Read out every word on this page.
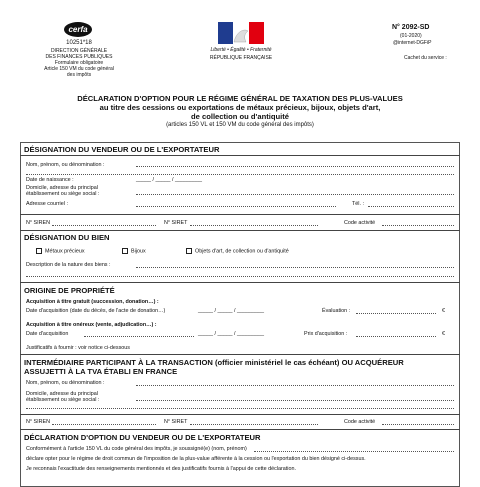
cerfa
10251*18
DIRECTION GÉNÉRALE
DES FINANCES PUBLIQUES
Formulaire obligatoire
Article 150 VM du code général des impôts
Liberté • Égalité • Fraternité
RÉPUBLIQUE FRANÇAISE
N° 2092-SD
(01-2020)
@internet-DGFiP
Cachet du service :
DÉCLARATION D'OPTION POUR LE RÉGIME GÉNÉRAL DE TAXATION DES PLUS-VALUES
au titre des cessions ou exportations de métaux précieux, bijoux, objets d'art,
de collection ou d'antiquité
(articles 150 VL et 150 VM du code général des impôts)
DÉSIGNATION DU VENDEUR OU DE L'EXPORTATEUR
Nom, prénom, ou dénomination :
Date de naissance :	_____ / _____ / _________
Domicile, adresse du principal
établissement ou siège social :
Adresse courriel :	Tél. :
N° SIREN	N° SIRET	Code activité
DÉSIGNATION DU BIEN
Métaux précieux	Bijoux	Objets d'art, de collection ou d'antiquité
Description de la nature des biens :
ORIGINE DE PROPRIÉTÉ
Acquisition à titre gratuit (succession, donation…) :
Date d'acquisition (date du décès, de l'acte de donation…)	_____ / _____ / _________	Évaluation :	€
Acquisition à titre onéreux (vente, adjudication…) :
Date d'acquisition	_____ / _____ / _________	Prix d'acquisition :	€
Justificatifs à fournir : voir notice ci-dessous
INTERMÉDIAIRE PARTICIPANT À LA TRANSACTION (officier ministériel le cas échéant) OU ACQUÉREUR
ASSUJETTI À LA TVA ÉTABLI EN FRANCE
Nom, prénom, ou dénomination :
Domicile, adresse du principal
établissement ou siège social :
N° SIREN	N° SIRET	Code activité
DÉCLARATION D'OPTION DU VENDEUR OU DE L'EXPORTATEUR
Conformément à l'article 150 VL du code général des impôts, je soussigné(e) (nom, prénom)
déclare opter pour le régime de droit commun de l'imposition de la plus-value afférente à la cession ou l'exportation du bien désigné ci-dessus.
Je reconnais l'exactitude des renseignements mentionnés et des justificatifs fournis à l'appui de cette déclaration.
